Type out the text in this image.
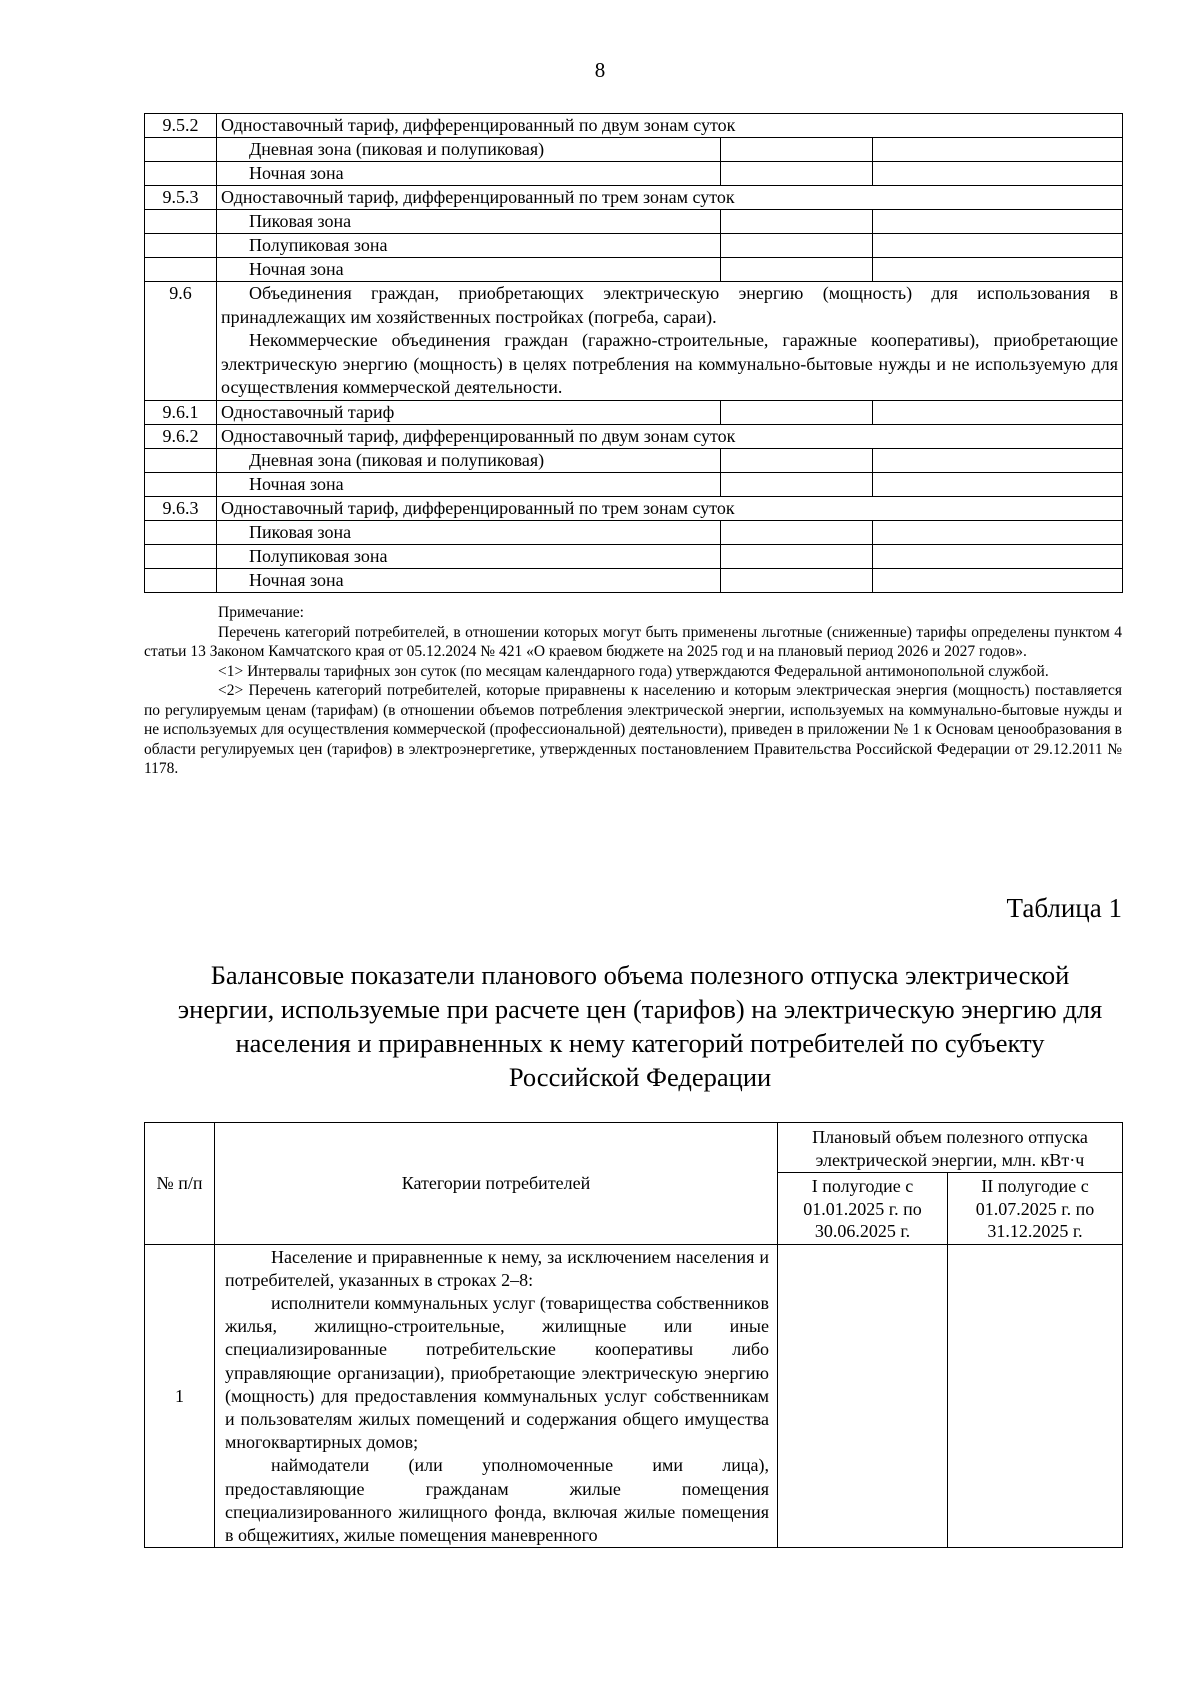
8
9.5.2	Одноставочный тариф, дифференцированный по двум зонам суток		
	Дневная зона (пиковая и полупиковая)		
	Ночная зона		
9.5.3	Одноставочный тариф, дифференцированный по трем зонам суток		
	Пиковая зона		
	Полупиковая зона		
	Ночная зона		
9.6	Объединения граждан, приобретающих электрическую энергию (мощность) для использования в принадлежащих им хозяйственных постройках (погреба, сараи).
Некоммерческие объединения граждан (гаражно-строительные, гаражные кооперативы), приобретающие электрическую энергию (мощность) в целях потребления на коммунально-бытовые нужды и не используемую для осуществления коммерческой деятельности.		

9.6.1	Одноставочный тариф		
9.6.2	Одноставочный тариф, дифференцированный по двум зонам суток		
	Дневная зона (пиковая и полупиковая)		
	Ночная зона		
9.6.3	Одноставочный тариф, дифференцированный по трем зонам суток		
	Пиковая зона		
	Полупиковая зона		
	Ночная зона		

Примечание:

Перечень категорий потребителей, в отношении которых могут быть применены льготные (сниженные) тарифы определены пунктом 4 статьи 13 Законом Камчатского края от 05.12.2024 № 421 «О краевом бюджете на 2025 год и на плановый период 2026 и 2027 годов».

<1> Интервалы тарифных зон суток (по месяцам календарного года) утверждаются Федеральной антимонопольной службой.

<2> Перечень категорий потребителей, которые приравнены к населению и которым электрическая энергия (мощность) поставляется по регулируемым ценам (тарифам) (в отношении объемов потребления электрической энергии, используемых на коммунально-бытовые нужды и не используемых для осуществления коммерческой (профессиональной) деятельности), приведен в приложении № 1 к Основам ценообразования в области регулируемых цен (тарифов) в электроэнергетике, утвержденных постановлением Правительства Российской Федерации от 29.12.2011 № 1178.

Таблица 1
Балансовые показатели планового объема полезного отпуска электрической энергии, используемые при расчете цен (тарифов) на электрическую энергию для населения и приравненных к нему категорий потребителей по субъекту Российской Федерации
№ п/п	Категории потребителей	Плановый объем полезного отпуска электрической энергии, млн. кВт·ч	
		I полугодие с 01.01.2025 г. по 30.06.2025 г.	II полугодие с 01.07.2025 г. по 31.12.2025 г.
1	Население и приравненные к нему, за исключением населения и потребителей, указанных в строках 2–8:
исполнители коммунальных услуг (товарищества собственников жилья, жилищно-строительные, жилищные или иные специализированные потребительские кооперативы либо управляющие организации), приобретающие электрическую энергию (мощность) для предоставления коммунальных услуг собственникам и пользователям жилых помещений и содержания общего имущества многоквартирных домов;
наймодатели (или уполномоченные ими лица), предоставляющие гражданам жилые помещения специализированного жилищного фонда, включая жилые помещения в общежитиях, жилые помещения маневренного		
